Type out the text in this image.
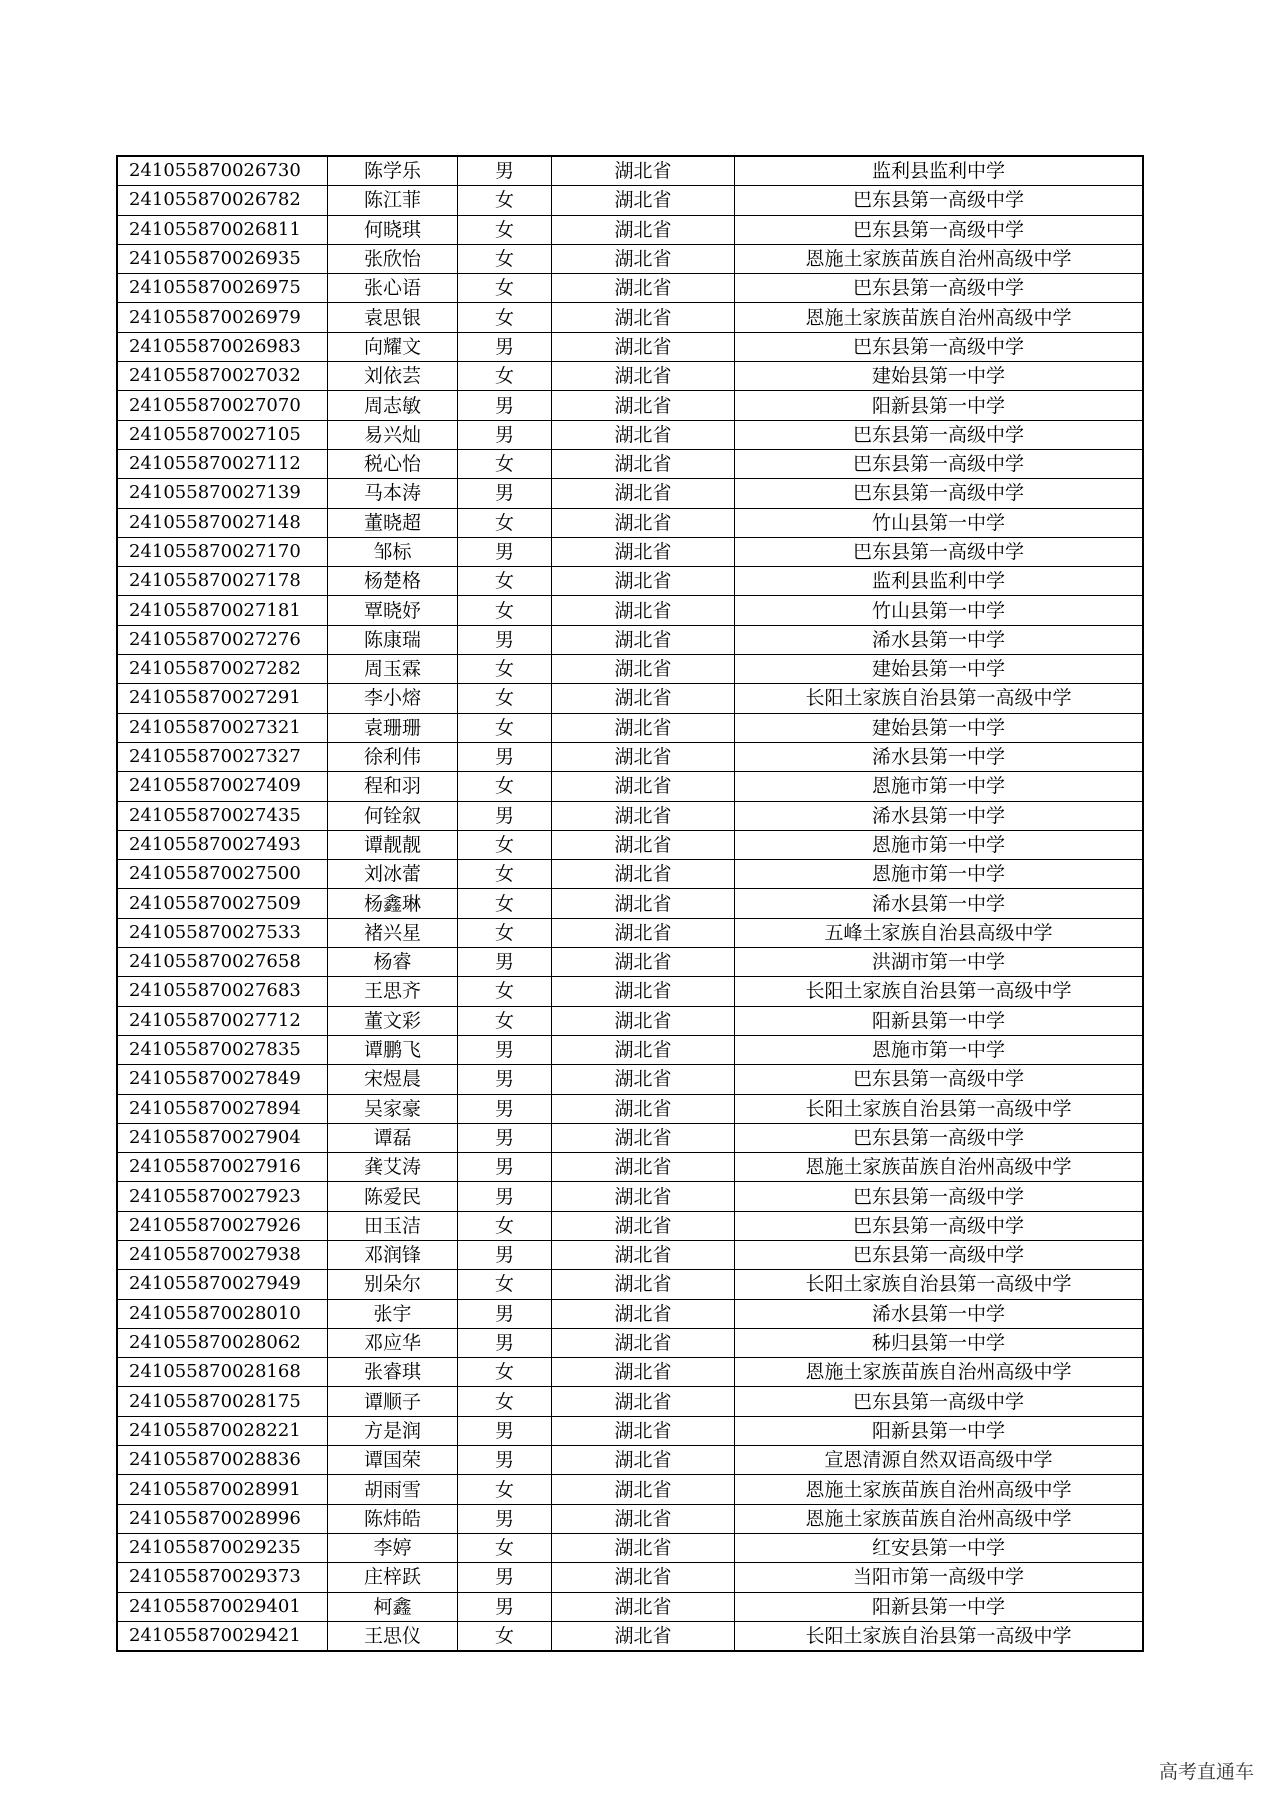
241055870026730	陈学乐	男	湖北省	监利县监利中学
241055870026782	陈江菲	女	湖北省	巴东县第一高级中学
241055870026811	何晓琪	女	湖北省	巴东县第一高级中学
241055870026935	张欣怡	女	湖北省	恩施土家族苗族自治州高级中学
241055870026975	张心语	女	湖北省	巴东县第一高级中学
241055870026979	袁思银	女	湖北省	恩施土家族苗族自治州高级中学
241055870026983	向耀文	男	湖北省	巴东县第一高级中学
241055870027032	刘依芸	女	湖北省	建始县第一中学
241055870027070	周志敏	男	湖北省	阳新县第一中学
241055870027105	易兴灿	男	湖北省	巴东县第一高级中学
241055870027112	税心怡	女	湖北省	巴东县第一高级中学
241055870027139	马本涛	男	湖北省	巴东县第一高级中学
241055870027148	董晓超	女	湖北省	竹山县第一中学
241055870027170	邹标	男	湖北省	巴东县第一高级中学
241055870027178	杨楚格	女	湖北省	监利县监利中学
241055870027181	覃晓妤	女	湖北省	竹山县第一中学
241055870027276	陈康瑞	男	湖北省	浠水县第一中学
241055870027282	周玉霖	女	湖北省	建始县第一中学
241055870027291	李小熔	女	湖北省	长阳土家族自治县第一高级中学
241055870027321	袁珊珊	女	湖北省	建始县第一中学
241055870027327	徐利伟	男	湖北省	浠水县第一中学
241055870027409	程和羽	女	湖北省	恩施市第一中学
241055870027435	何铨叙	男	湖北省	浠水县第一中学
241055870027493	谭靓靓	女	湖北省	恩施市第一中学
241055870027500	刘冰蕾	女	湖北省	恩施市第一中学
241055870027509	杨鑫琳	女	湖北省	浠水县第一中学
241055870027533	褚兴星	女	湖北省	五峰土家族自治县高级中学
241055870027658	杨睿	男	湖北省	洪湖市第一中学
241055870027683	王思齐	女	湖北省	长阳土家族自治县第一高级中学
241055870027712	董文彩	女	湖北省	阳新县第一中学
241055870027835	谭鹏飞	男	湖北省	恩施市第一中学
241055870027849	宋煜晨	男	湖北省	巴东县第一高级中学
241055870027894	吴家豪	男	湖北省	长阳土家族自治县第一高级中学
241055870027904	谭磊	男	湖北省	巴东县第一高级中学
241055870027916	龚艾涛	男	湖北省	恩施土家族苗族自治州高级中学
241055870027923	陈爱民	男	湖北省	巴东县第一高级中学
241055870027926	田玉洁	女	湖北省	巴东县第一高级中学
241055870027938	邓润锋	男	湖北省	巴东县第一高级中学
241055870027949	别朵尔	女	湖北省	长阳土家族自治县第一高级中学
241055870028010	张宇	男	湖北省	浠水县第一中学
241055870028062	邓应华	男	湖北省	秭归县第一中学
241055870028168	张睿琪	女	湖北省	恩施土家族苗族自治州高级中学
241055870028175	谭顺子	女	湖北省	巴东县第一高级中学
241055870028221	方是润	男	湖北省	阳新县第一中学
241055870028836	谭国荣	男	湖北省	宣恩清源自然双语高级中学
241055870028991	胡雨雪	女	湖北省	恩施土家族苗族自治州高级中学
241055870028996	陈炜皓	男	湖北省	恩施土家族苗族自治州高级中学
241055870029235	李婷	女	湖北省	红安县第一中学
241055870029373	庄梓跃	男	湖北省	当阳市第一高级中学
241055870029401	柯鑫	男	湖北省	阳新县第一中学
241055870029421	王思仪	女	湖北省	长阳土家族自治县第一高级中学
高考直通车
